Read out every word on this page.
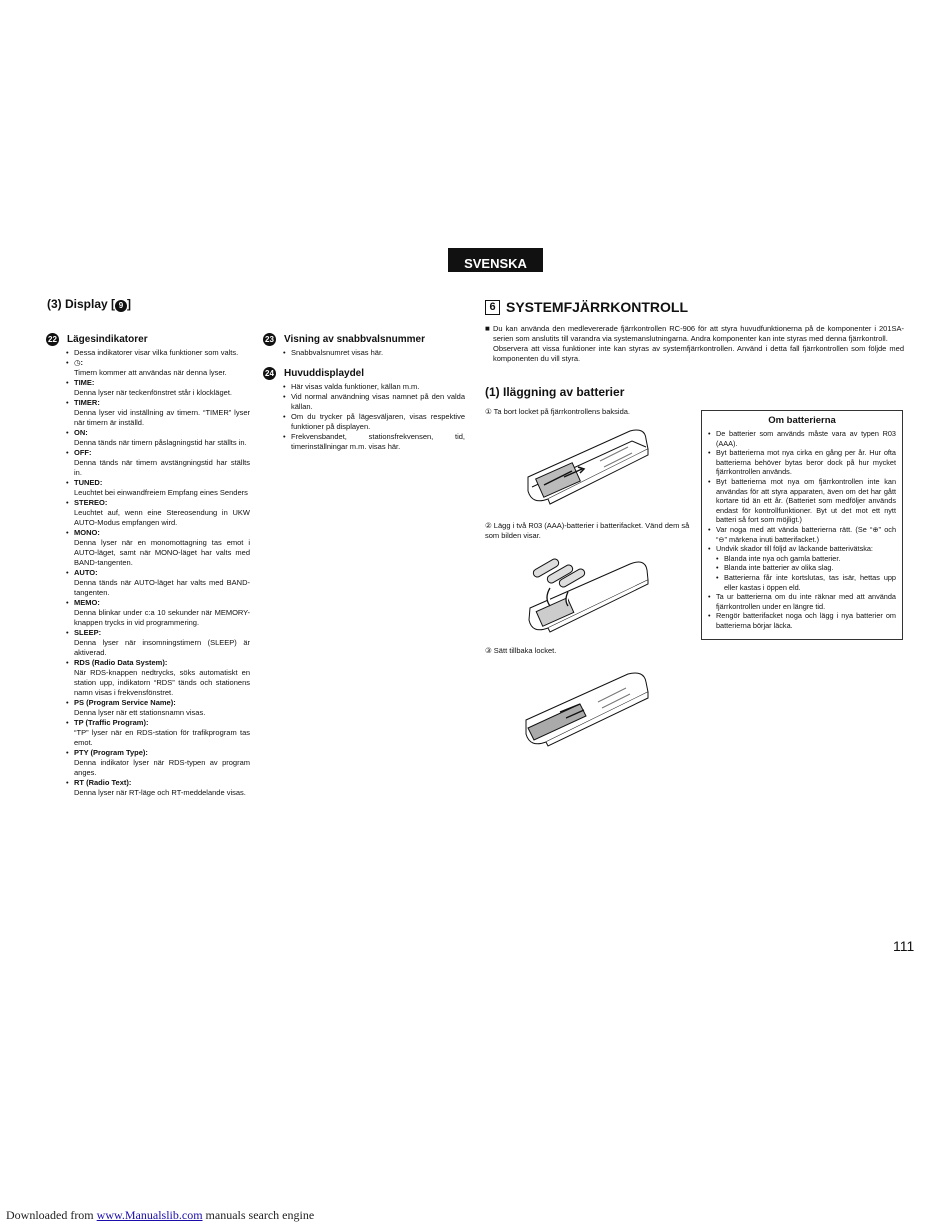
SVENSKA
(3) Display [ 9 ]
22 Lägesindikatorer
• Dessa indikatorer visar vilka funktioner som valts.
• ◷:
Timern kommer att användas när denna lyser.
• TIME:
Denna lyser när teckenfönstret står i klockläget.
• TIMER:
Denna lyser vid inställning av timern. “TIMER” lyser när timern är inställd.
• ON:
Denna tänds när timern påslagningstid har ställts in.
• OFF:
Denna tänds när timern avstängningstid har ställts in.
• TUNED:
Leuchtet bei einwandfreiem Empfang eines Senders
• STEREO:
Leuchtet auf, wenn eine Stereosendung in UKW AUTO-Modus empfangen wird.
• MONO:
Denna lyser när en monomottagning tas emot i AUTO-läget, samt när MONO-läget har valts med BAND-tangenten.
• AUTO:
Denna tänds när AUTO-läget har valts med BAND-tangenten.
• MEMO:
Denna blinkar under c:a 10 sekunder när MEMORY-knappen trycks in vid programmering.
• SLEEP:
Denna lyser när insomningstimern (SLEEP) är aktiverad.
• RDS (Radio Data System):
När RDS-knappen nedtrycks, söks automatiskt en station upp, indikatorn “RDS” tänds och stationens namn visas i frekvensfönstret.
• PS (Program Service Name):
Denna lyser när ett stationsnamn visas.
• TP (Traffic Program):
“TP” lyser när en RDS-station för trafikprogram tas emot.
• PTY (Program Type):
Denna indikator lyser när RDS-typen av program anges.
• RT (Radio Text):
Denna lyser när RT-läge och RT-meddelande visas.
23 Visning av snabbvalsnummer
• Snabbvalsnumret visas här.
24 Huvuddisplaydel
• Här visas valda funktioner, källan m.m.
• Vid normal användning visas namnet på den valda källan.
• Om du trycker på lägesväljaren, visas respektive funktioner på displayen.
• Frekvensbandet, stationsfrekvensen, tid, timerinställningar m.m. visas här.
6 SYSTEMFJÄRRKONTROLL
■ Du kan använda den medlevererade fjärrkontrollen RC-906 för att styra huvudfunktionerna på de komponenter i 201SA-serien som anslutits till varandra via systemanslutningarna. Andra komponenter kan inte styras med denna fjärrkontroll.
Observera att vissa funktioner inte kan styras av systemfjärrkontrollen. Använd i detta fall fjärrkontrollen som följde med komponenten du vill styra.
(1) Iläggning av batterier
① Ta bort locket på fjärrkontrollens baksida.
② Lägg i två R03 (AAA)-batterier i batterifacket. Vänd dem så som bilden visar.
③ Sätt tillbaka locket.
Om batterierna
• De batterier som används måste vara av typen R03 (AAA).
• Byt batterierna mot nya cirka en gång per år. Hur ofta batterierna behöver bytas beror dock på hur mycket fjärrkontrollen används.
• Byt batterierna mot nya om fjärrkontrollen inte kan användas för att styra apparaten, även om det har gått kortare tid än ett år. (Batteriet som medföljer används endast för kontrollfunktioner. Byt ut det mot ett nytt batteri så fort som möjligt.)
• Var noga med att vända batterierna rätt. (Se “⊕” och “⊖” märkena inuti batterifacket.)
• Undvik skador till följd av läckande batterivätska:
• Blanda inte nya och gamla batterier.
• Blanda inte batterier av olika slag.
• Batterierna får inte kortslutas, tas isär, hettas upp eller kastas i öppen eld.
• Ta ur batterierna om du inte räknar med att använda fjärrkontrollen under en längre tid.
• Rengör batterifacket noga och lägg i nya batterier om batterierna börjar läcka.
111
Downloaded from www.Manualslib.com manuals search engine
